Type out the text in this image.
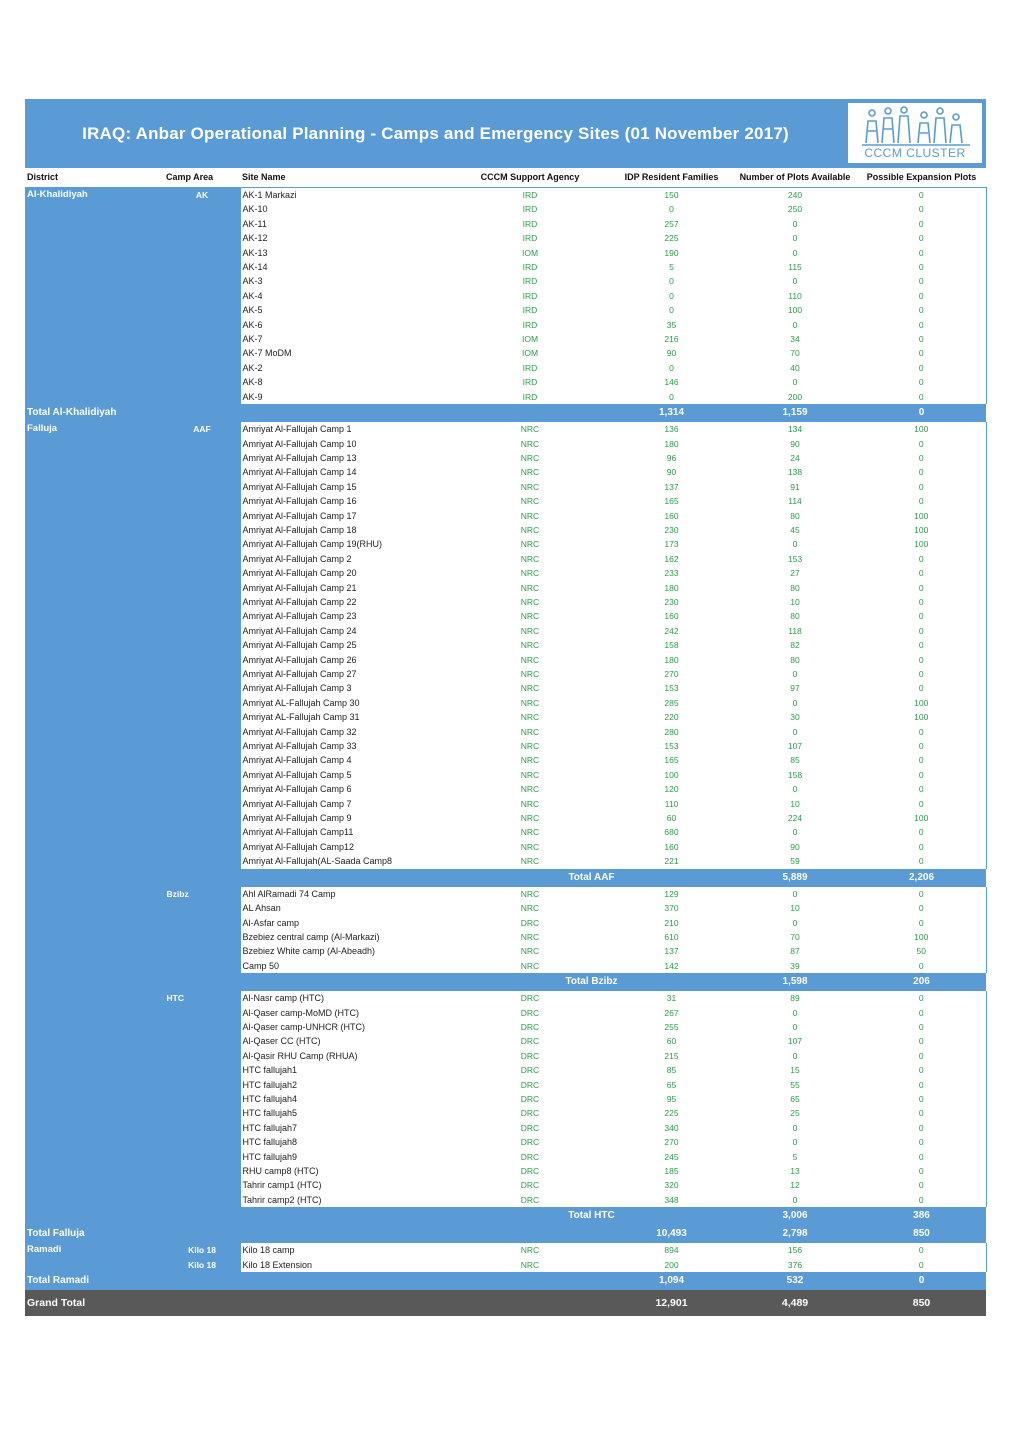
IRAQ: Anbar Operational Planning - Camps and Emergency Sites (01 November 2017)
CCCM CLUSTER
District	Camp Area	Site Name	CCCM Support Agency	IDP Resident Families	Number of Plots Available	Possible Expansion Plots	
Al-Khalidiyah	AK	AK-1 Markazi	IRD	150	240	0	
		AK-10	IRD	0	250	0	
		AK-11	IRD	257	0	0	
		AK-12	IRD	225	0	0	
		AK-13	IOM	190	0	0	
		AK-14	IRD	5	115	0	
		AK-3	IRD	0	0	0	
		AK-4	IRD	0	110	0	
		AK-5	IRD	0	100	0	
		AK-6	IRD	35	0	0	
		AK-7	IOM	216	34	0	
		AK-7 MoDM	IOM	90	70	0	
		AK-2	IRD	0	40	0	
		AK-8	IRD	146	0	0	
		AK-9	IRD	0	200	0	
Total Al-Khalidiyah				1,314	1,159	0	
Falluja	AAF	Amriyat Al-Fallujah Camp 1	NRC	136	134	100	
		Amriyat Al-Fallujah Camp 10	NRC	180	90	0	
		Amriyat Al-Fallujah Camp 13	NRC	96	24	0	
		Amriyat Al-Fallujah Camp 14	NRC	90	138	0	
		Amriyat Al-Fallujah Camp 15	NRC	137	91	0	
		Amriyat Al-Fallujah Camp 16	NRC	165	114	0	
		Amriyat Al-Fallujah Camp 17	NRC	160	80	100	
		Amriyat Al-Fallujah Camp 18	NRC	230	45	100	
		Amriyat Al-Fallujah Camp 19(RHU)	NRC	173	0	100	
		Amriyat Al-Fallujah Camp 2	NRC	162	153	0	
		Amriyat Al-Fallujah Camp 20	NRC	233	27	0	
		Amriyat Al-Fallujah Camp 21	NRC	180	80	0	
		Amriyat Al-Fallujah Camp 22	NRC	230	10	0	
		Amriyat Al-Fallujah Camp 23	NRC	160	80	0	
		Amriyat Al-Fallujah Camp 24	NRC	242	118	0	
		Amriyat Al-Fallujah Camp 25	NRC	158	82	0	
		Amriyat Al-Fallujah Camp 26	NRC	180	80	0	
		Amriyat Al-Fallujah Camp 27	NRC	270	0	0	
		Amriyat Al-Fallujah Camp 3	NRC	153	97	0	
		Amriyat AL-Fallujah Camp 30	NRC	285	0	100	
		Amriyat AL-Fallujah Camp 31	NRC	220	30	100	
		Amriyat Al-Fallujah Camp 32	NRC	280	0	0	
		Amriyat Al-Fallujah Camp 33	NRC	153	107	0	
		Amriyat Al-Fallujah Camp 4	NRC	165	85	0	
		Amriyat Al-Fallujah Camp 5	NRC	100	158	0	
		Amriyat Al-Fallujah Camp 6	NRC	120	0	0	
		Amriyat Al-Fallujah Camp 7	NRC	110	10	0	
		Amriyat Al-Fallujah Camp 9	NRC	60	224	100	
		Amriyat Al-Fallujah Camp11	NRC	680	0	0	
		Amriyat Al-Fallujah Camp12	NRC	160	90	0	
		Amriyat Al-Fallujah(AL-Saada Camp8	NRC	221	59	0	
			Total AAF		5,889	2,206	
	Bzibz	Ahl AlRamadi 74 Camp	NRC	129	0	0	
		AL Ahsan	NRC	370	10	0	
		Al-Asfar camp	DRC	210	0	0	
		Bzebiez central camp (Al-Markazi)	NRC	610	70	100	
		Bzebiez White camp (Al-Abeadh)	NRC	137	87	50	
		Camp 50	NRC	142	39	0	
			Total Bzibz		1,598	206	
	HTC	Al-Nasr camp (HTC)	DRC	31	89	0	
		Al-Qaser camp-MoMD (HTC)	DRC	267	0	0	
		Al-Qaser camp-UNHCR (HTC)	DRC	255	0	0	
		Al-Qaser CC (HTC)	DRC	60	107	0	
		Al-Qasir RHU Camp (RHUA)	DRC	215	0	0	
		HTC fallujah1	DRC	85	15	0	
		HTC fallujah2	DRC	65	55	0	
		HTC fallujah4	DRC	95	65	0	
		HTC fallujah5	DRC	225	25	0	
		HTC fallujah7	DRC	340	0	0	
		HTC fallujah8	DRC	270	0	0	
		HTC fallujah9	DRC	245	5	0	
		RHU camp8 (HTC)	DRC	185	13	0	
		Tahrir camp1 (HTC)	DRC	320	12	0	
		Tahrir camp2 (HTC)	DRC	348	0	0	
			Total HTC		3,006	386	
Total Falluja				10,493	2,798	850	
Ramadi	Kilo 18	Kilo 18 camp	NRC	894	156	0	
	Kilo 18	Kilo 18 Extension	NRC	200	376	0	
Total Ramadi				1,094	532	0	
Grand Total				12,901	4,489	850	
